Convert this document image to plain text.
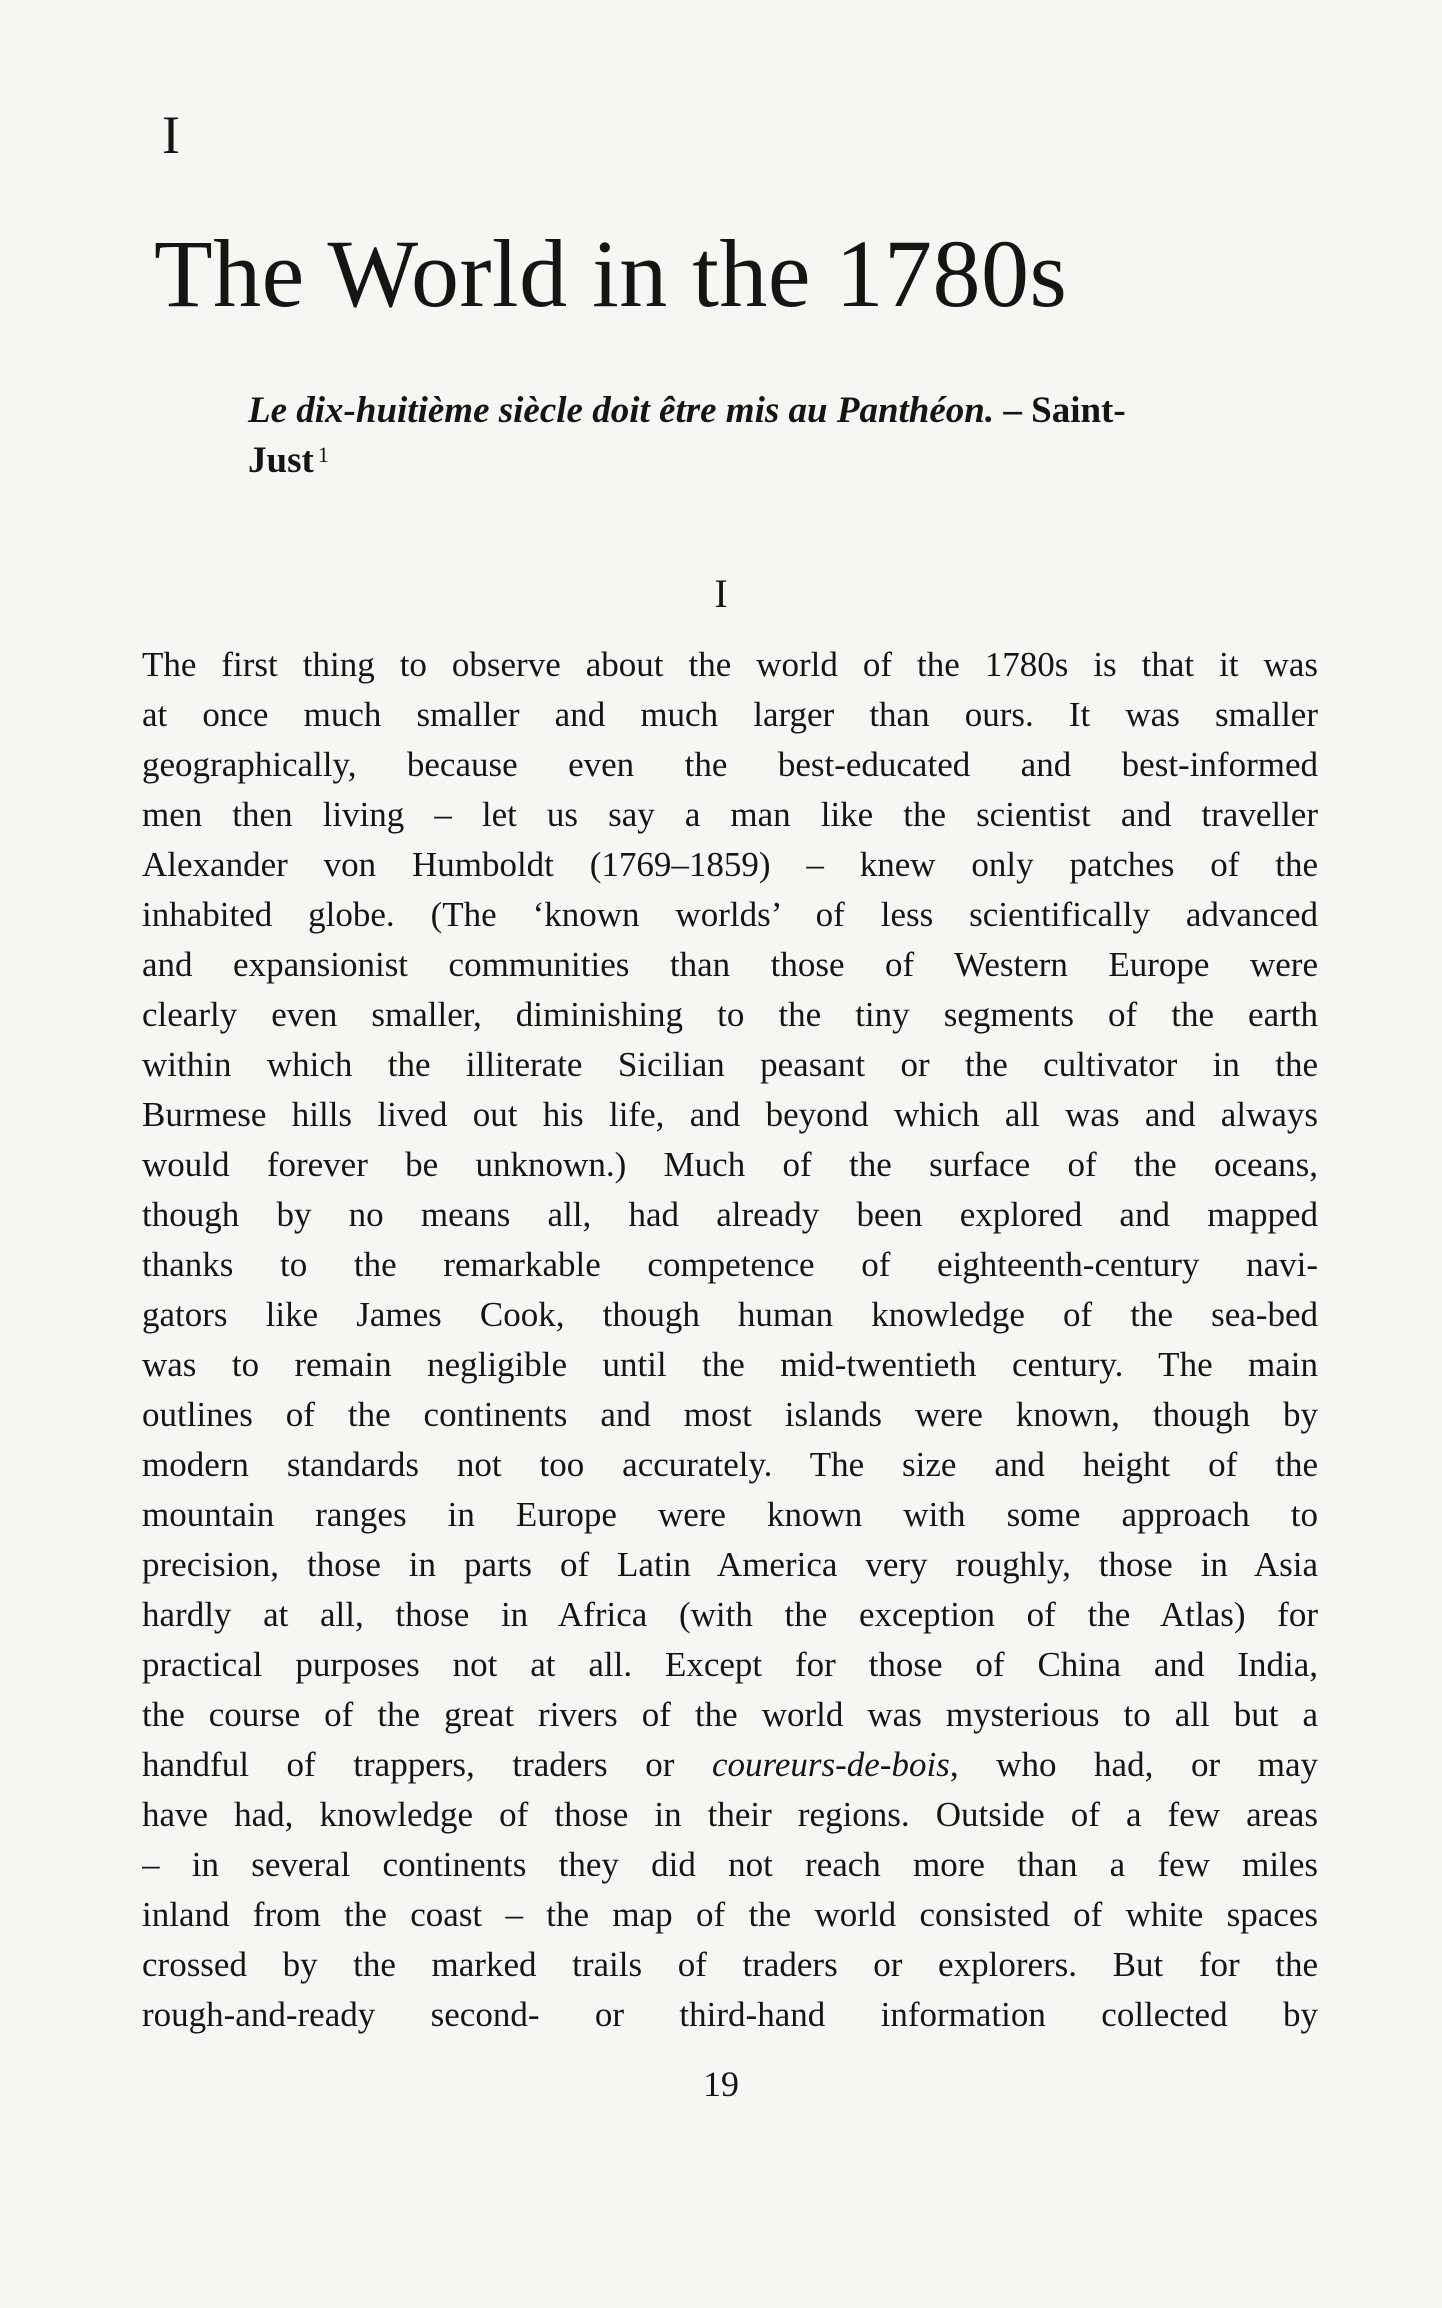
I
The World in the 1780s
Le dix-huitième siècle doit être mis au Panthéon. – Saint-
Just $^1$
I
The first thing to observe about the world of the 1780s is that it was
at once much smaller and much larger than ours. It was smaller
geographically, because even the best-educated and best-informed
men then living – let us say a man like the scientist and traveller
Alexander von Humboldt (1769–1859) – knew only patches of the
inhabited globe. (The ‘known worlds’ of less scientifically advanced
and expansionist communities than those of Western Europe were
clearly even smaller, diminishing to the tiny segments of the earth
within which the illiterate Sicilian peasant or the cultivator in the
Burmese hills lived out his life, and beyond which all was and always
would forever be unknown.) Much of the surface of the oceans,
though by no means all, had already been explored and mapped
thanks to the remarkable competence of eighteenth-century navi-
gators like James Cook, though human knowledge of the sea-bed
was to remain negligible until the mid-twentieth century. The main
outlines of the continents and most islands were known, though by
modern standards not too accurately. The size and height of the
mountain ranges in Europe were known with some approach to
precision, those in parts of Latin America very roughly, those in Asia
hardly at all, those in Africa (with the exception of the Atlas) for
practical purposes not at all. Except for those of China and India,
the course of the great rivers of the world was mysterious to all but a
handful of trappers, traders or coureurs-de-bois, who had, or may
have had, knowledge of those in their regions. Outside of a few areas
– in several continents they did not reach more than a few miles
inland from the coast – the map of the world consisted of white spaces
crossed by the marked trails of traders or explorers. But for the
rough-and-ready second- or third-hand information collected by
19
